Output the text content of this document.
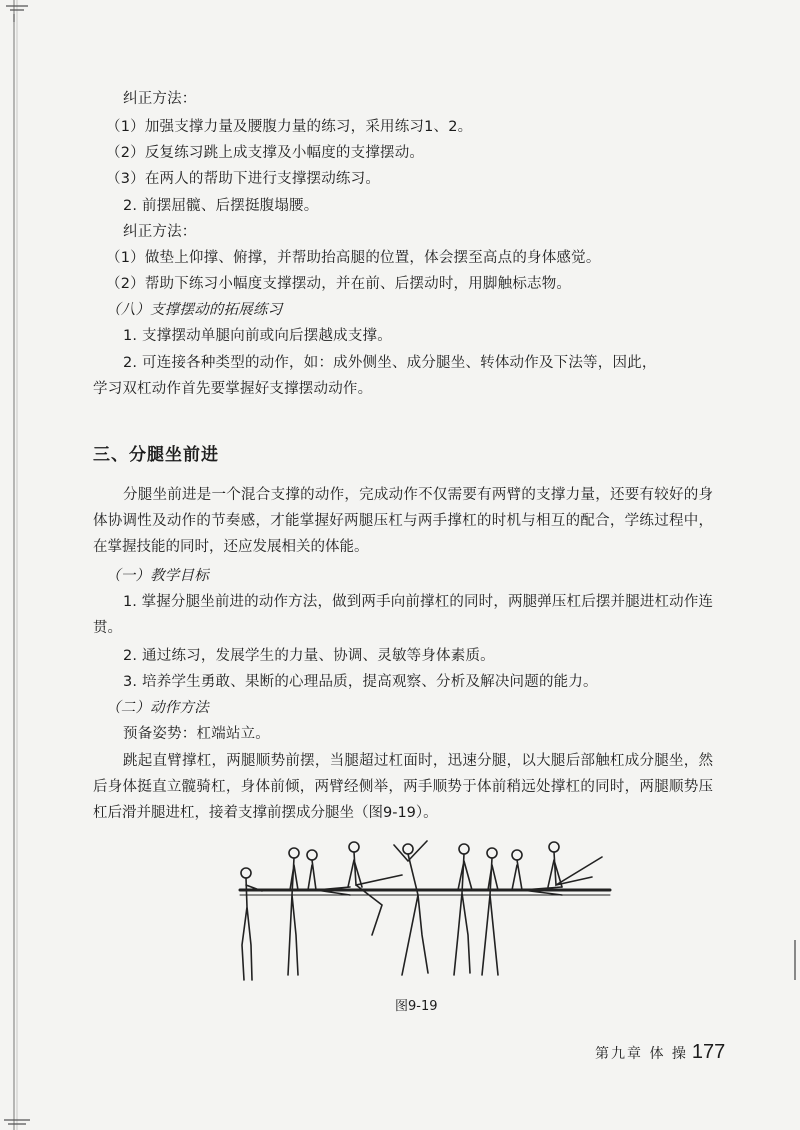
纠正方法：

（1）加强支撑力量及腰腹力量的练习，采用练习1、2。

（2）反复练习跳上成支撑及小幅度的支撑摆动。

（3）在两人的帮助下进行支撑摆动练习。

2. 前摆屈髋、后摆挺腹塌腰。

纠正方法：

（1）做垫上仰撑、俯撑，并帮助抬高腿的位置，体会摆至高点的身体感觉。

（2）帮助下练习小幅度支撑摆动，并在前、后摆动时，用脚触标志物。

（八）支撑摆动的拓展练习

1. 支撑摆动单腿向前或向后摆越成支撑。

2. 可连接各种类型的动作，如：成外侧坐、成分腿坐、转体动作及下法等，因此，

学习双杠动作首先要掌握好支撑摆动动作。

三、分腿坐前进

分腿坐前进是一个混合支撑的动作，完成动作不仅需要有两臂的支撑力量，还要有较好的身体协调性及动作的节奏感，才能掌握好两腿压杠与两手撑杠的时机与相互的配合，学练过程中，在掌握技能的同时，还应发展相关的体能。

（一）教学目标

1. 掌握分腿坐前进的动作方法，做到两手向前撑杠的同时，两腿弹压杠后摆并腿进杠动作连贯。

2. 通过练习，发展学生的力量、协调、灵敏等身体素质。

3. 培养学生勇敢、果断的心理品质，提高观察、分析及解决问题的能力。

（二）动作方法

预备姿势：杠端站立。

跳起直臂撑杠，两腿顺势前摆，当腿超过杠面时，迅速分腿，以大腿后部触杠成分腿坐，然后身体挺直立髋骑杠，身体前倾，两臂经侧举，两手顺势于体前稍远处撑杠的同时，两腿顺势压杠后滑并腿进杠，接着支撑前摆成分腿坐（图9-19）。

图9-19
第九章 体 操 177
